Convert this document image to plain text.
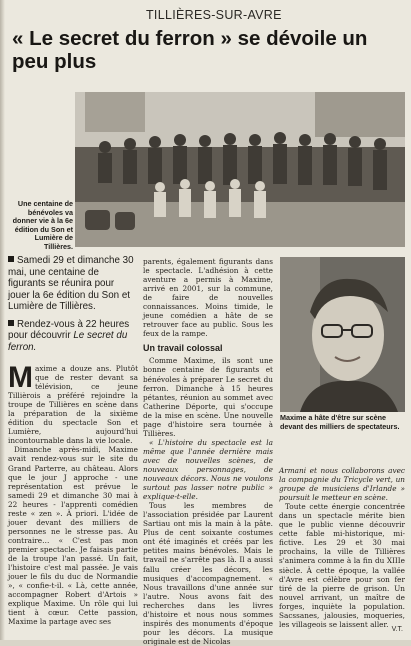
TILLIÈRES-SUR-AVRE
« Le secret du ferron » se dévoile un peu plus
Une centaine de bénévoles va donner vie à la 6e édition du Son et Lumière de Tillières.

Samedi 29 et dimanche 30 mai, une centaine de figurants se réunira pour jouer la 6e édition du Son et Lumière de Tillières.

Rendez-vous à 22 heures pour découvrir Le secret du ferron.

Maxime a douze ans. Plutôt que de rester devant sa télévision, ce jeune Tillièrois a préféré rejoindre la troupe de Tillières en scène dans la préparation de la sixième édition du spectacle Son et Lumière, aujourd'hui incontournable dans la vie locale.

Dimanche après-midi, Maxime avait rendez-vous sur le site du Grand Parterre, au château. Alors que le jour J approche - une représentation est prévue le samedi 29 et dimanche 30 mai à 22 heures - l'apprenti comédien reste « zen ». À priori. L'idée de jouer devant des milliers de personnes ne le stresse pas. Au contraire… « C'est pas mon premier spectacle. Je faisais partie de la troupe l'an passé. Un fait, l'histoire c'est mal passée. Je vais jouer le fils du duc de Normandie », « confie-t-il. « Là, cette année, accompagner Robert d'Artois » explique Maxime. Un rôle qui lui tient à cœur. Cette passion, Maxime la partage avec ses

parents, également figurants dans le spectacle. L'adhésion à cette aventure a permis à Maxime, arrivé en 2001, sur la commune, de faire de nouvelles connaissances. Moins timide, le jeune comédien a hâte de se retrouver face au public. Sous les feux de la rampe.

Un travail colossal

Comme Maxime, ils sont une bonne centaine de figurants et bénévoles à préparer Le secret du ferron. Dimanche à 15 heures pétantes, réunion au sommet avec Catherine Déporte, qui s'occupe de la mise en scène. Une nouvelle page d'histoire sera tournée à Tillières.

« L'histoire du spectacle est la même que l'année dernière mais avec de nouvelles scènes, de nouveaux personnages, de nouveaux décors. Nous ne voulons surtout pas lasser notre public » explique-t-elle.

Tous les membres de l'association présidée par Laurent Sartiau ont mis la main à la pâte. Plus de cent soixante costumes ont été imaginés et créés par les petites mains bénévoles. Mais le travail ne s'arrête pas là. Il a aussi fallu créer les décors, les musiques d'accompagnement. « Nous travaillons d'une année sur l'autre. Nous avons fait des recherches dans les livres d'histoire et nous nous sommes inspirés des monuments d'époque pour les décors. La musique originale est de Nicolas

Maxime a hâte d'être sur scène devant des milliers de spectateurs.

Armani et nous collaborons avec la compagnie du Tricycle vert, un groupe de musiciens d'Irlande » poursuit le metteur en scène.

Toute cette énergie concentrée dans un spectacle mérite bien que le public vienne découvrir cette fable mi-historique, mi-fictive. Les 29 et 30 mai prochains, la ville de Tillières s'animera comme à la fin du XIIIe siècle. À cette époque, la vallée d'Avre est célèbre pour son fer tiré de la pierre de grison. Un nouvel arrivant, un maître de forges, inquiète la population. Sacssanes, jalousies, moqueries, les villageois se laissent aller.

V.T.
